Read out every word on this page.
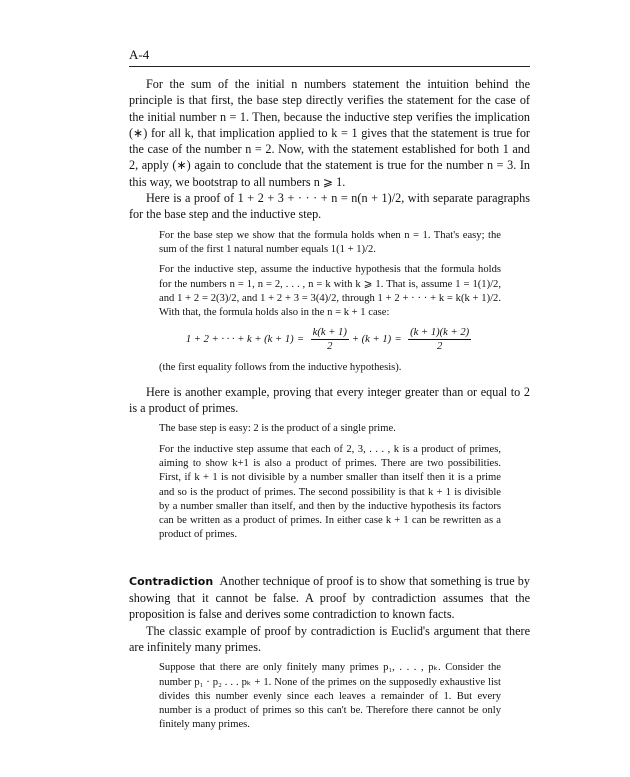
A-4

For the sum of the initial n numbers statement the intuition behind the principle is that first, the base step directly verifies the statement for the case of the initial number n = 1. Then, because the inductive step verifies the implication (∗) for all k, that implication applied to k = 1 gives that the statement is true for the case of the number n = 2. Now, with the statement established for both 1 and 2, apply (∗) again to conclude that the statement is true for the number n = 3. In this way, we bootstrap to all numbers n ⩾ 1.

Here is a proof of 1 + 2 + 3 + · · · + n = n(n + 1)/2, with separate paragraphs for the base step and the inductive step.

For the base step we show that the formula holds when n = 1. That's easy; the sum of the first 1 natural number equals 1(1 + 1)/2.

For the inductive step, assume the inductive hypothesis that the formula holds for the numbers n = 1, n = 2, . . . , n = k with k ⩾ 1. That is, assume 1 = 1(1)/2, and 1 + 2 = 2(3)/2, and 1 + 2 + 3 = 3(4)/2, through 1 + 2 + · · · + k = k(k + 1)/2. With that, the formula holds also in the n = k + 1 case:

1 + 2 + · · · + $k + (k + 1) = \frac{k(k + 1)}{2} + (k + 1) = \frac{(k + 1)(k + 2)}{2}$

(the first equality follows from the inductive hypothesis).

Here is another example, proving that every integer greater than or equal to 2 is a product of primes.

The base step is easy: 2 is the product of a single prime.

For the inductive step assume that each of 2, 3, . . . , k is a product of primes, aiming to show k+1 is also a product of primes. There are two possibilities. First, if k + 1 is not divisible by a number smaller than itself then it is a prime and so is the product of primes. The second possibility is that k + 1 is divisible by a number smaller than itself, and then by the inductive hypothesis its factors can be written as a product of primes. In either case k + 1 can be rewritten as a product of primes.

Contradiction Another technique of proof is to show that something is true by showing that it cannot be false. A proof by contradiction assumes that the proposition is false and derives some contradiction to known facts.

The classic example of proof by contradiction is Euclid's argument that there are infinitely many primes.

Suppose that there are only finitely many primes p₁, . . . , pₖ. Consider the number p₁ · p₂ . . . pₖ + 1. None of the primes on the supposedly exhaustive list divides this number evenly since each leaves a remainder of 1. But every number is a product of primes so this can't be. Therefore there cannot be only finitely many primes.
